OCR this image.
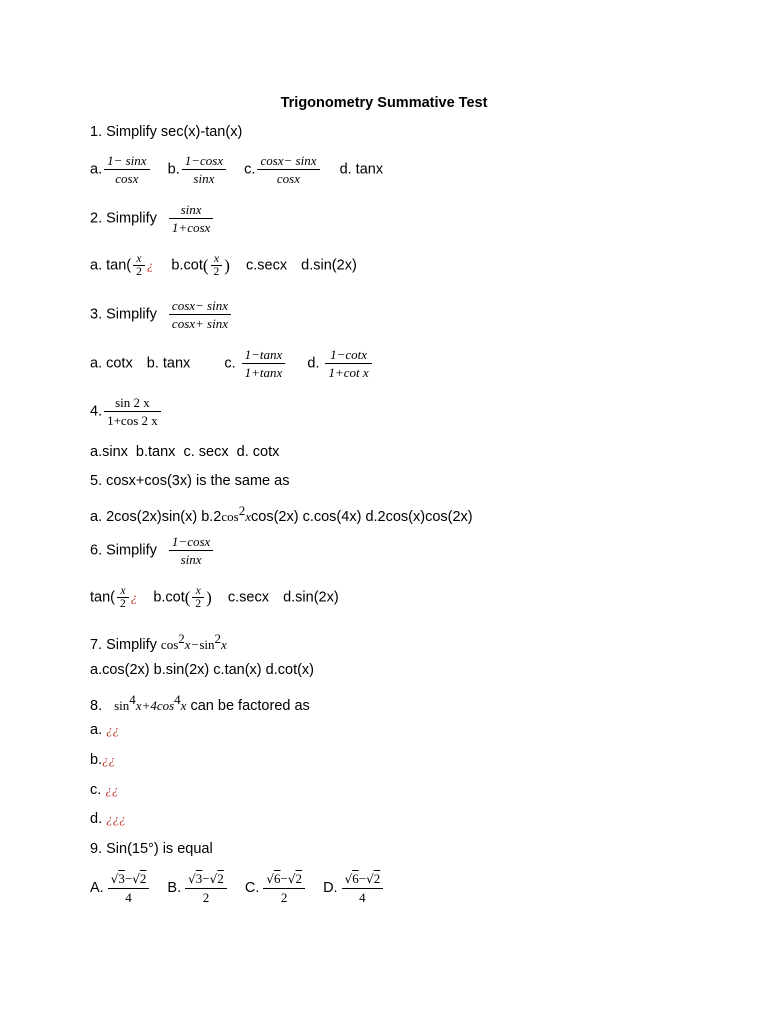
Trigonometry Summative Test
1. Simplify sec(x)-tan(x)
a. $\frac{1- \sin x}{\cos x} b$. $\frac{1-\cos x}{\sin x} c$. $\frac{\cos x- \sin x}{\cos x} d$. tanx
2. Simplify $\frac{\sin x}{1+\cos x}$
a. $\tan( \frac{x}{2}$ ¿ $b.\cot( \frac{x}{2}$ ) c.secx d.sin(2x)
3. Simplify $\frac{\cos x- \sin x}{\cos x+ \sin x}$
a. cotx b. tanx c. $\frac{1-\tan x}{1+\tan x} d$. $\frac{1-\cot x}{\text{1+cot x}}$
4. $\frac{\sin 2 x}{1+\cos 2 x}$
a.sinx  b.tanx  c. secx  d. cotx
5. cosx+cos(3x) is the same as
a. 2cos(2x)sin(x) $b.2\cos^2xcos(2x)$ c.cos(4x) d.2cos(x)cos(2x)
6. Simplify $\frac{1-\cos x}{\sin x}$
$\tan( \frac{x}{2}$ ¿ $b.\cot( \frac{x}{2}$ ) c.secx d.sin(2x)
7. Simplify $\cos^2x-\sin^2x$
a.cos(2x) b.sin(2x) c.tan(x) d.cot(x)
8. $\sin^4x+4\cos^4x$ can be factored as
a. ¿¿
b.¿¿
c. ¿¿
d. ¿¿¿
9. Sin(15°) is equal
A. $\frac{√3-√2}{4} B$. $\frac{√3-√2}{2} C$. $\frac{√6-√2}{2} D$. $\frac{√6-√2}{4}$
